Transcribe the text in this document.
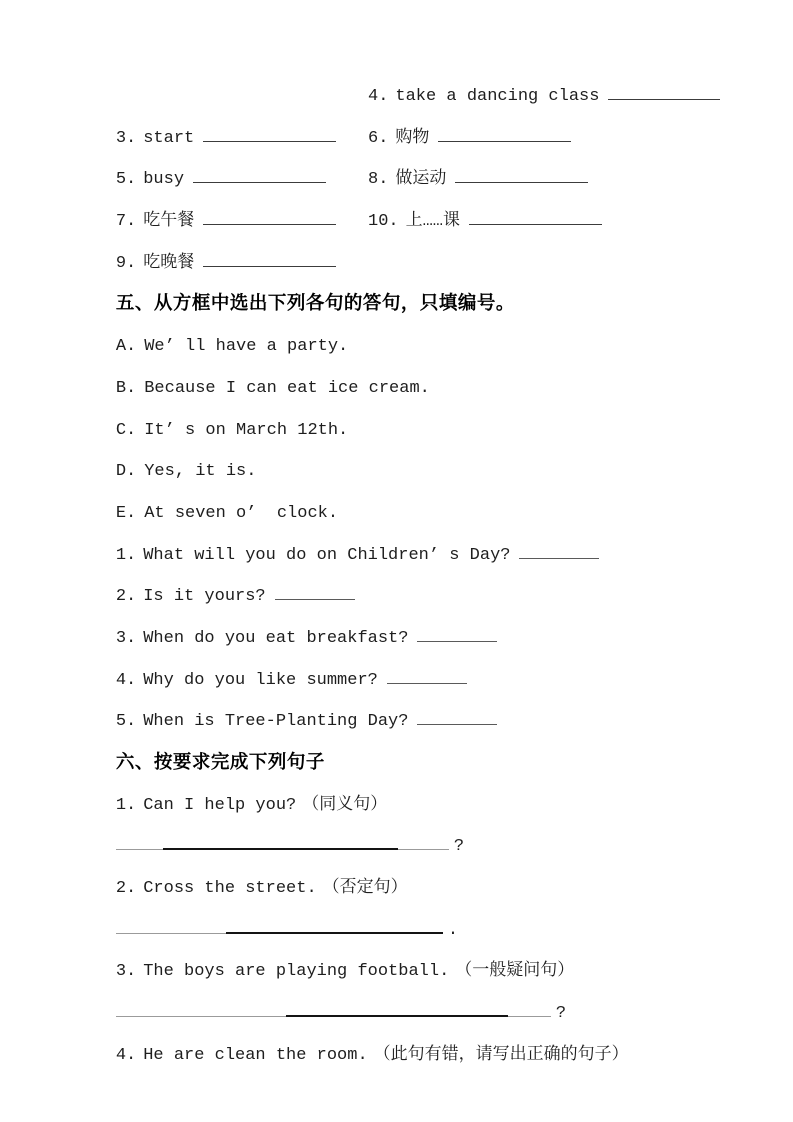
3. start

4. take a dancing class

5. busy

6. 购物

7. 吃午餐

8. 做运动

9. 吃晚餐

10. 上……课

五、从方框中选出下列各句的答句，只填编号。

A. We’ ll have a party.

B. Because I can eat ice cream.

C. It’ s on March 12th.

D. Yes, it is.

E. At seven o’  clock.

1. What will you do on Children’ s Day?

2. Is it yours?

3. When do you eat breakfast?

4. Why do you like summer?

5. When is Tree-Planting Day?

六、按要求完成下列句子

1. Can I help you? （同义句）

?

2. Cross the street. （否定句）

.

3. The boys are playing football. （一般疑问句）

?

4. He are clean the room. （此句有错，请写出正确的句子）
